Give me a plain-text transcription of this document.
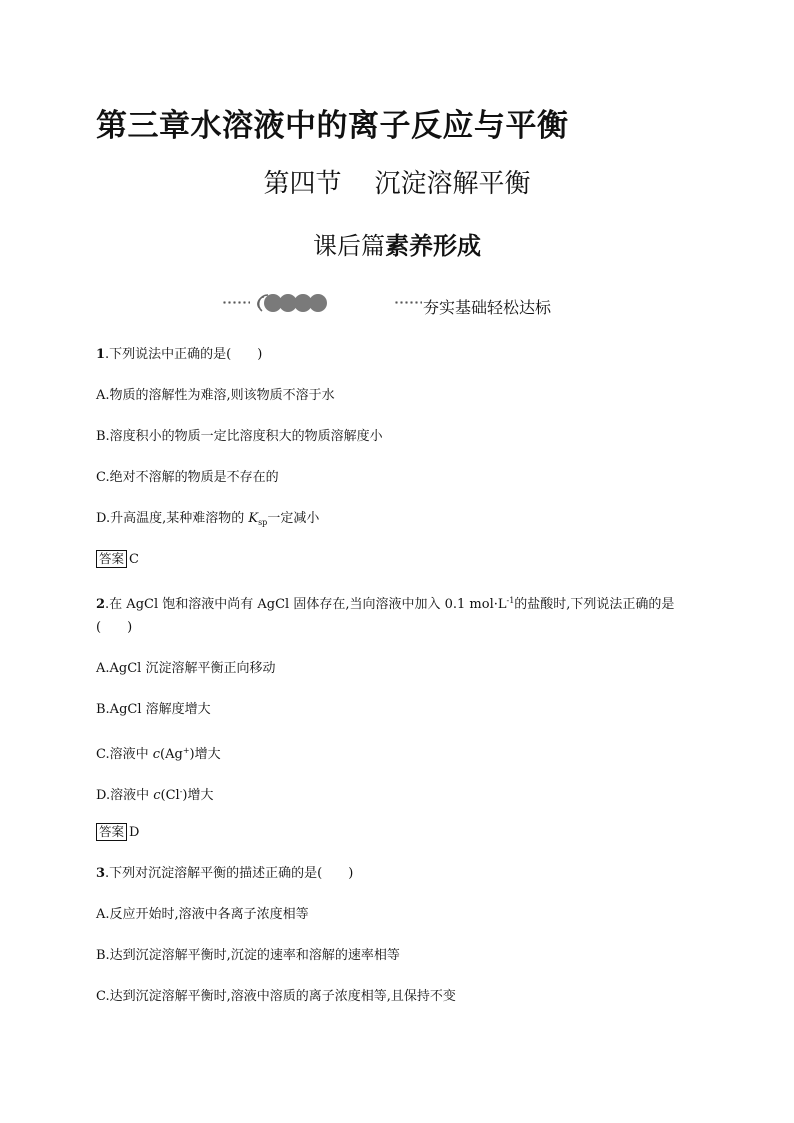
第三章水溶液中的离子反应与平衡
第四节    沉淀溶解平衡
课后篇素养形成
夯实基础轻松达标
1.下列说法中正确的是(　　)
A.物质的溶解性为难溶,则该物质不溶于水
B.溶度积小的物质一定比溶度积大的物质溶解度小
C.绝对不溶解的物质是不存在的
D.升高温度,某种难溶物的 $K_{sp}$一定减小
答案 C
2.在 AgCl 饱和溶液中尚有 AgCl 固体存在,当向溶液中加入 0.1 $mol\cdot L^{-1}$的盐酸时,下列说法正确的是
(　　)
A.AgCl 沉淀溶解平衡正向移动
B.AgCl 溶解度增大
C.溶液中 c(Ag+)增大
D.溶液中 c(Cl-)增大
答案 D
3.下列对沉淀溶解平衡的描述正确的是(　　)
A.反应开始时,溶液中各离子浓度相等
B.达到沉淀溶解平衡时,沉淀的速率和溶解的速率相等
C.达到沉淀溶解平衡时,溶液中溶质的离子浓度相等,且保持不变
